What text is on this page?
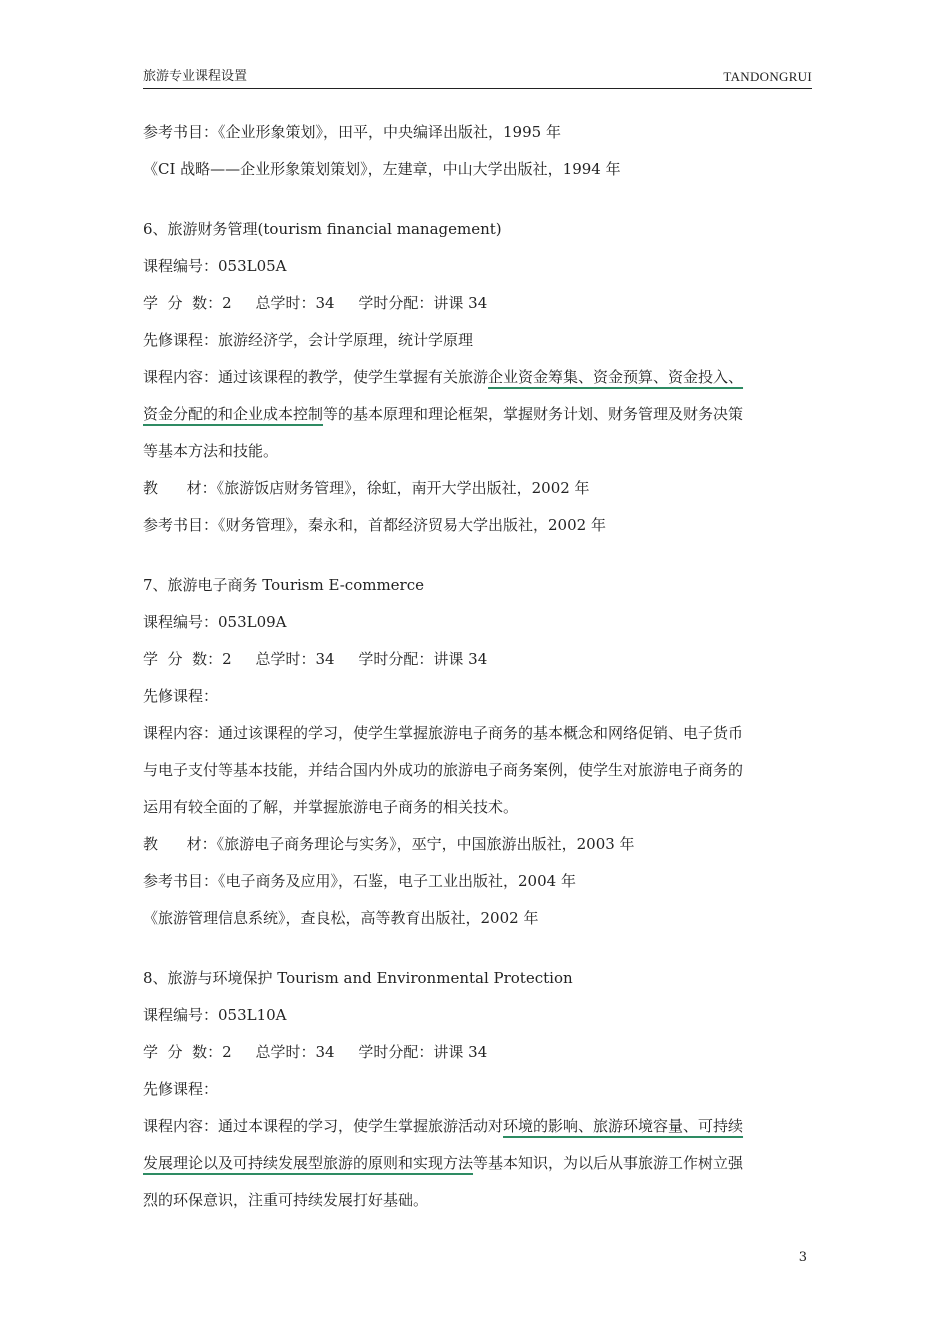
旅游专业课程设置	TANDONGRUI
参考书目：《企业形象策划》，田平，中央编译出版社，1995 年
《CI 战略——企业形象策划策划》，左建章，中山大学出版社，1994 年
6、旅游财务管理(tourism financial management)
课程编号：053L05A
学  分  数：2     总学时：34     学时分配：讲课 34
先修课程：旅游经济学，会计学原理，统计学原理
课程内容：通过该课程的教学，使学生掌握有关旅游企业资金筹集、资金预算、资金投入、
资金分配的和企业成本控制等的基本原理和理论框架，掌握财务计划、财务管理及财务决策
等基本方法和技能。
教      材：《旅游饭店财务管理》，徐虹，南开大学出版社，2002 年
参考书目：《财务管理》，秦永和，首都经济贸易大学出版社，2002 年
7、旅游电子商务 Tourism E-commerce
课程编号：053L09A
学  分  数：2     总学时：34     学时分配：讲课 34
先修课程：
课程内容：通过该课程的学习，使学生掌握旅游电子商务的基本概念和网络促销、电子货币
与电子支付等基本技能，并结合国内外成功的旅游电子商务案例，使学生对旅游电子商务的
运用有较全面的了解，并掌握旅游电子商务的相关技术。
教      材：《旅游电子商务理论与实务》，巫宁，中国旅游出版社，2003 年
参考书目：《电子商务及应用》，石鉴，电子工业出版社，2004 年
《旅游管理信息系统》，查良松，高等教育出版社，2002 年
8、旅游与环境保护 Tourism and Environmental Protection
课程编号：053L10A
学  分  数：2     总学时：34     学时分配：讲课 34
先修课程：
课程内容：通过本课程的学习，使学生掌握旅游活动对环境的影响、旅游环境容量、可持续
发展理论以及可持续发展型旅游的原则和实现方法等基本知识，为以后从事旅游工作树立强
烈的环保意识，注重可持续发展打好基础。
3
